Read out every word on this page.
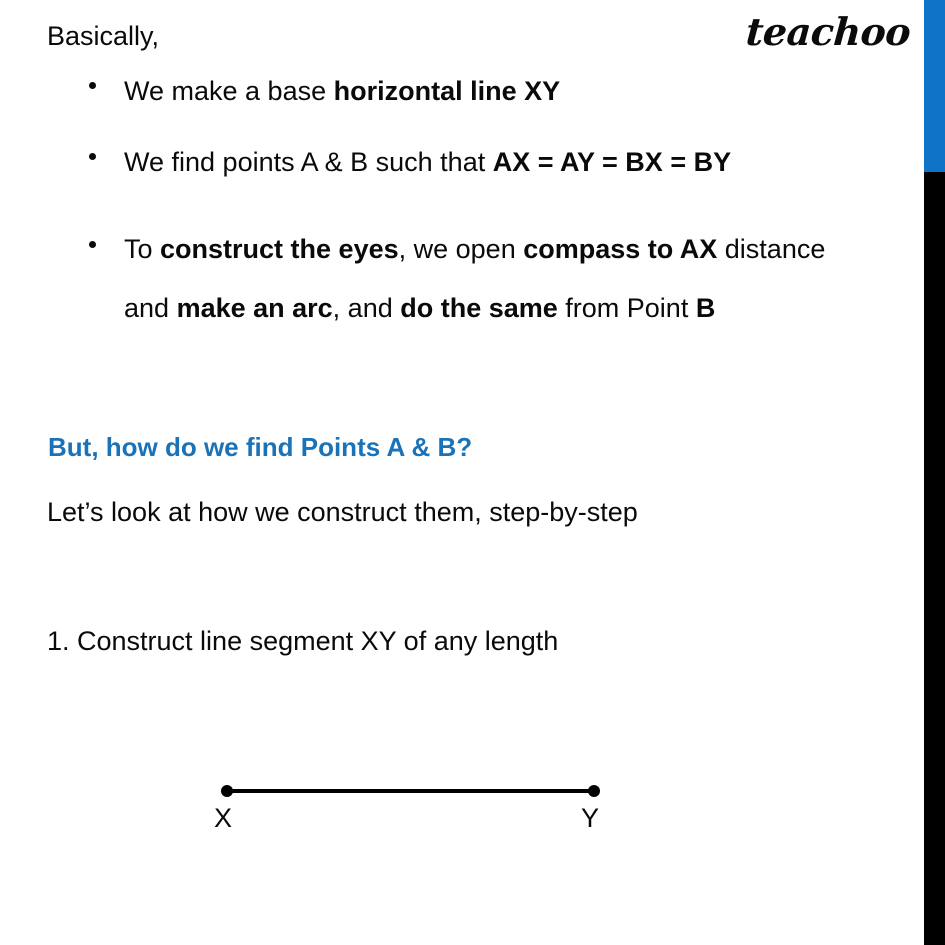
teachoo

Basically,

We make a base horizontal line XY
We find points A & B such that AX = AY = BX = BY
To construct the eyes, we open compass to AX distance and make an arc, and do the same from Point B

But, how do we find Points A & B?

Let’s look at how we construct them, step-by-step

1. Construct line segment XY of any length

X	Y
